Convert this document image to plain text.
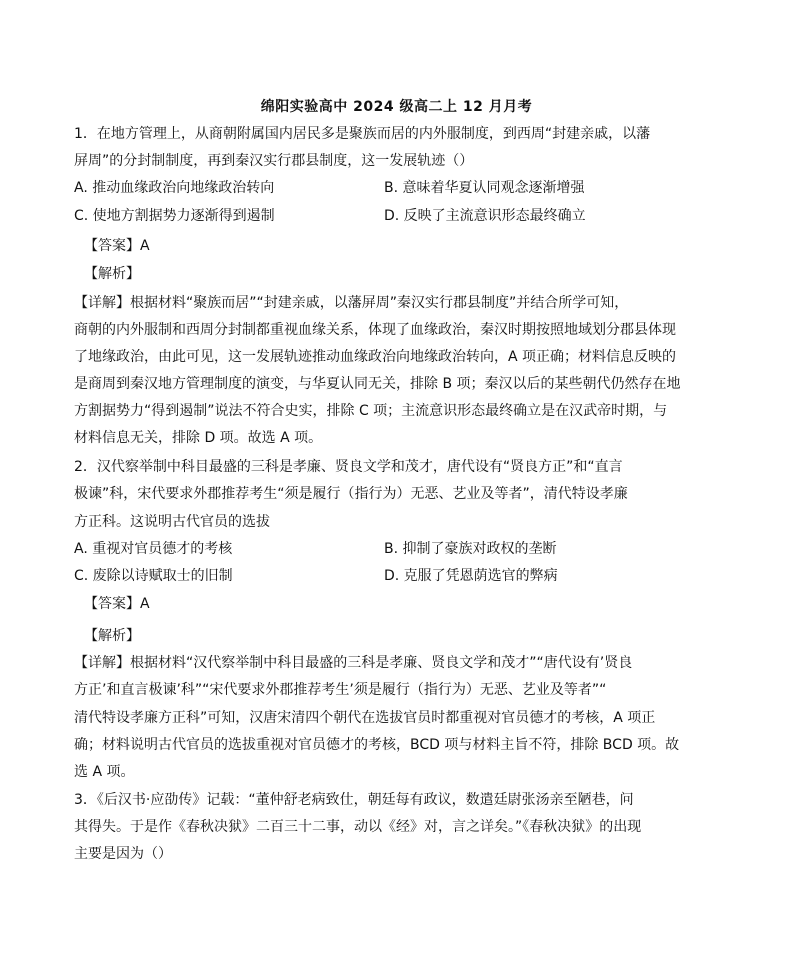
绵阳实验高中 2024 级高二上 12 月月考
1．在地方管理上，从商朝附属国内居民多是聚族而居的内外服制度，到西周“封建亲戚，以藩
屏周”的分封制制度，再到秦汉实行郡县制度，这一发展轨迹（）
A. 推动血缘政治向地缘政治转向	B. 意味着华夏认同观念逐渐增强
C. 使地方割据势力逐渐得到遏制	D. 反映了主流意识形态最终确立
【答案】A
【解析】
【详解】根据材料“聚族而居”“封建亲戚，以藩屏周”秦汉实行郡县制度”并结合所学可知，
商朝的内外服制和西周分封制都重视血缘关系，体现了血缘政治，秦汉时期按照地域划分郡县体现
了地缘政治，由此可见，这一发展轨迹推动血缘政治向地缘政治转向，A 项正确；材料信息反映的
是商周到秦汉地方管理制度的演变，与华夏认同无关，排除 B 项；秦汉以后的某些朝代仍然存在地
方割据势力“得到遏制”说法不符合史实，排除 C 项；主流意识形态最终确立是在汉武帝时期，与
材料信息无关，排除 D 项。故选 A 项。
2．汉代察举制中科目最盛的三科是孝廉、贤良文学和茂才，唐代设有“贤良方正”和“直言
极谏”科，宋代要求外郡推荐考生“须是履行（指行为）无恶、艺业及等者”，清代特设孝廉
方正科。这说明古代官员的选拔
A. 重视对官员德才的考核	B. 抑制了豪族对政权的垄断
C. 废除以诗赋取士的旧制	D. 克服了凭恩荫选官的弊病
【答案】A
【解析】
【详解】根据材料“汉代察举制中科目最盛的三科是孝廉、贤良文学和茂才”“唐代设有’贤良
方正’和直言极谏’科”“宋代要求外郡推荐考生’须是履行（指行为）无恶、艺业及等者”“
清代特设孝廉方正科”可知，汉唐宋清四个朝代在选拔官员时都重视对官员德才的考核，A 项正
确；材料说明古代官员的选拔重视对官员德才的考核，BCD 项与材料主旨不符，排除 BCD 项。故
选 A 项。
3．《后汉书·应劭传》记载：“董仲舒老病致仕，朝廷每有政议，数遣廷尉张汤亲至陋巷，问
其得失。于是作《春秋决狱》二百三十二事，动以《经》对，言之详矣。”《春秋决狱》的出现
主要是因为（）
